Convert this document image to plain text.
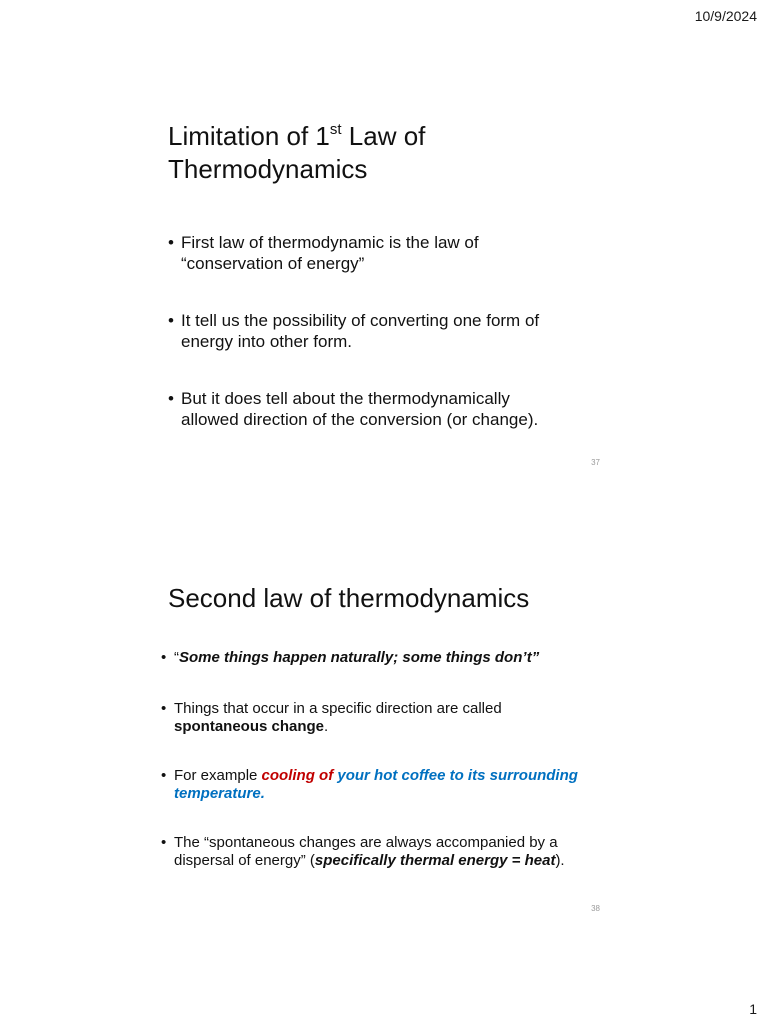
10/9/2024
Limitation of 1st Law of
Thermodynamics
• First law of thermodynamic is the law of
“conservation of energy”
• It tell us the possibility of converting one form of
energy into other form.
• But it does tell about the thermodynamically
allowed direction of the conversion (or change).
37
Second law of thermodynamics
• “Some things happen naturally; some things don’t”
• Things that occur in a specific direction are called
spontaneous change.
• For example cooling of your hot coffee to its surrounding
temperature.
• The “spontaneous changes are always accompanied by a
dispersal of energy” (specifically thermal energy = heat).
38
1
